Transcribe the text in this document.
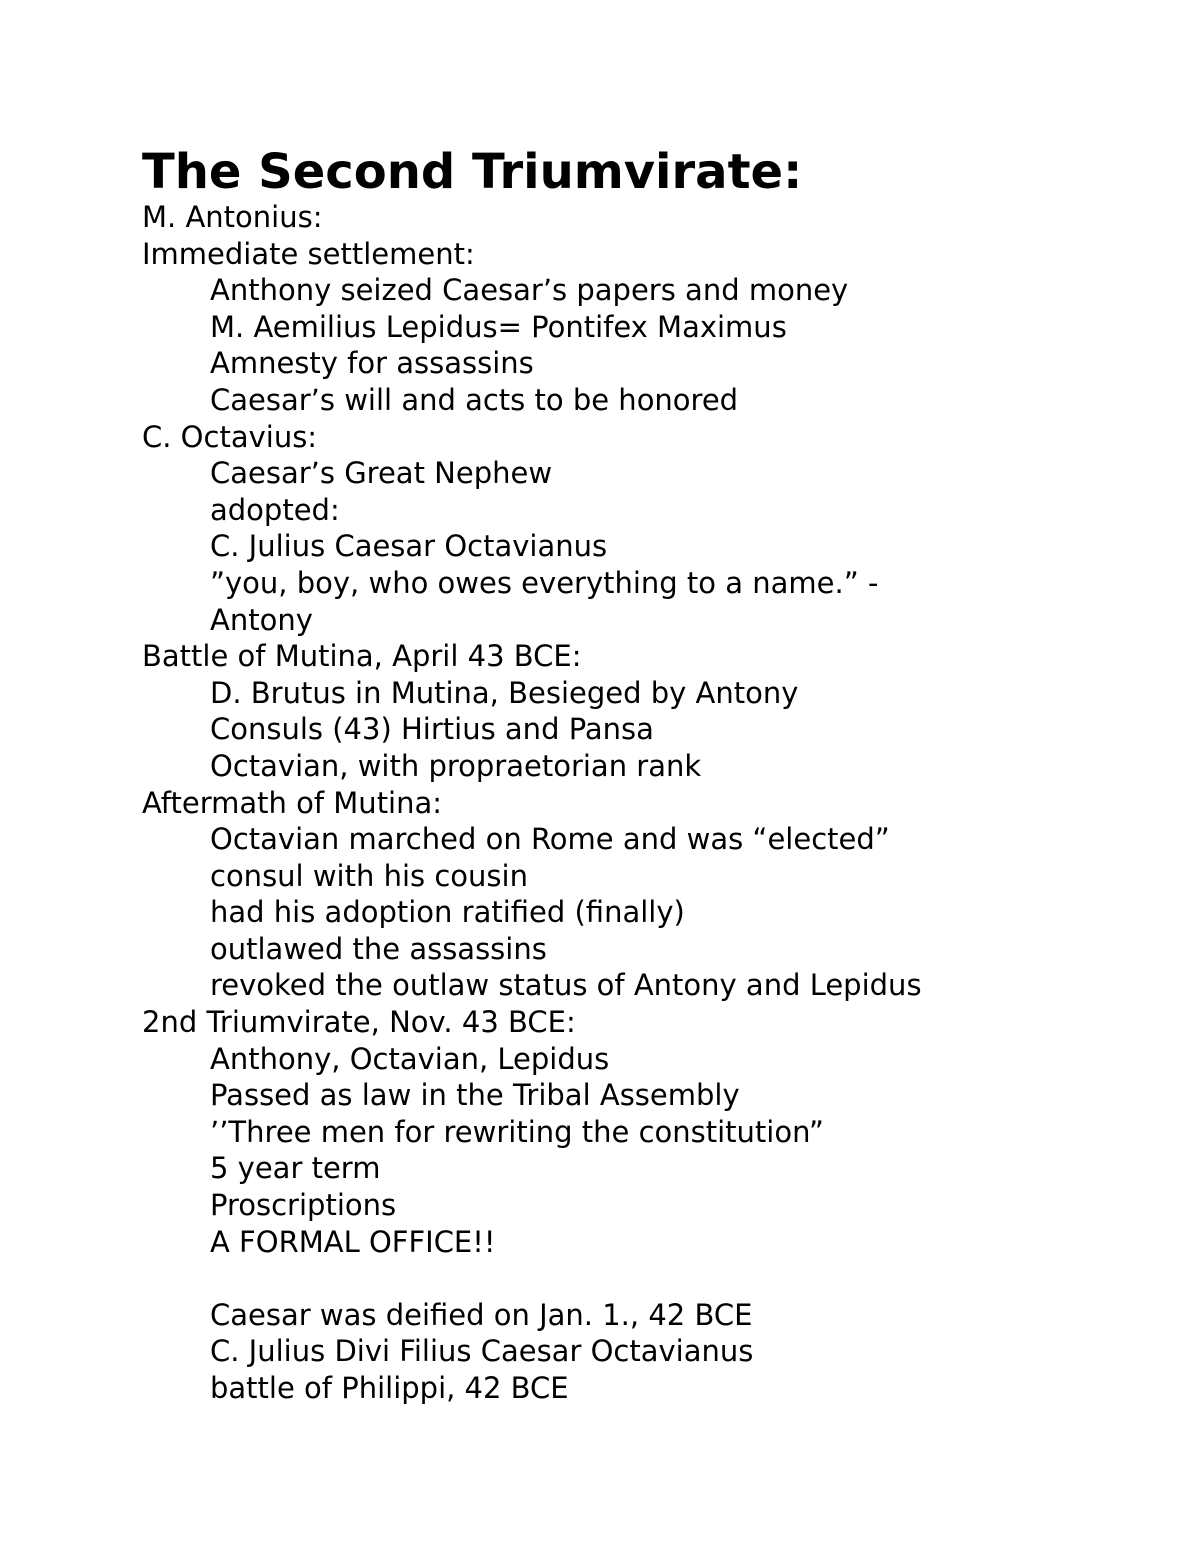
The Second Triumvirate:
M. Antonius:
Immediate settlement:
Anthony seized Caesar’s papers and money
M. Aemilius Lepidus= Pontifex Maximus
Amnesty for assassins
Caesar’s will and acts to be honored
C. Octavius:
Caesar’s Great Nephew
adopted:
C. Julius Caesar Octavianus
”you, boy, who owes everything to a name.” -
Antony
Battle of Mutina, April 43 BCE:
D. Brutus in Mutina, Besieged by Antony
Consuls (43) Hirtius and Pansa
Octavian, with propraetorian rank
Aftermath of Mutina:
Octavian marched on Rome and was “elected”
consul with his cousin
had his adoption ratified (finally)
outlawed the assassins
revoked the outlaw status of Antony and Lepidus
2nd Triumvirate, Nov. 43 BCE:
Anthony, Octavian, Lepidus
Passed as law in the Tribal Assembly
’’Three men for rewriting the constitution”
5 year term
Proscriptions
A FORMAL OFFICE!!
Caesar was deified on Jan. 1., 42 BCE
C. Julius Divi Filius Caesar Octavianus
battle of Philippi, 42 BCE
